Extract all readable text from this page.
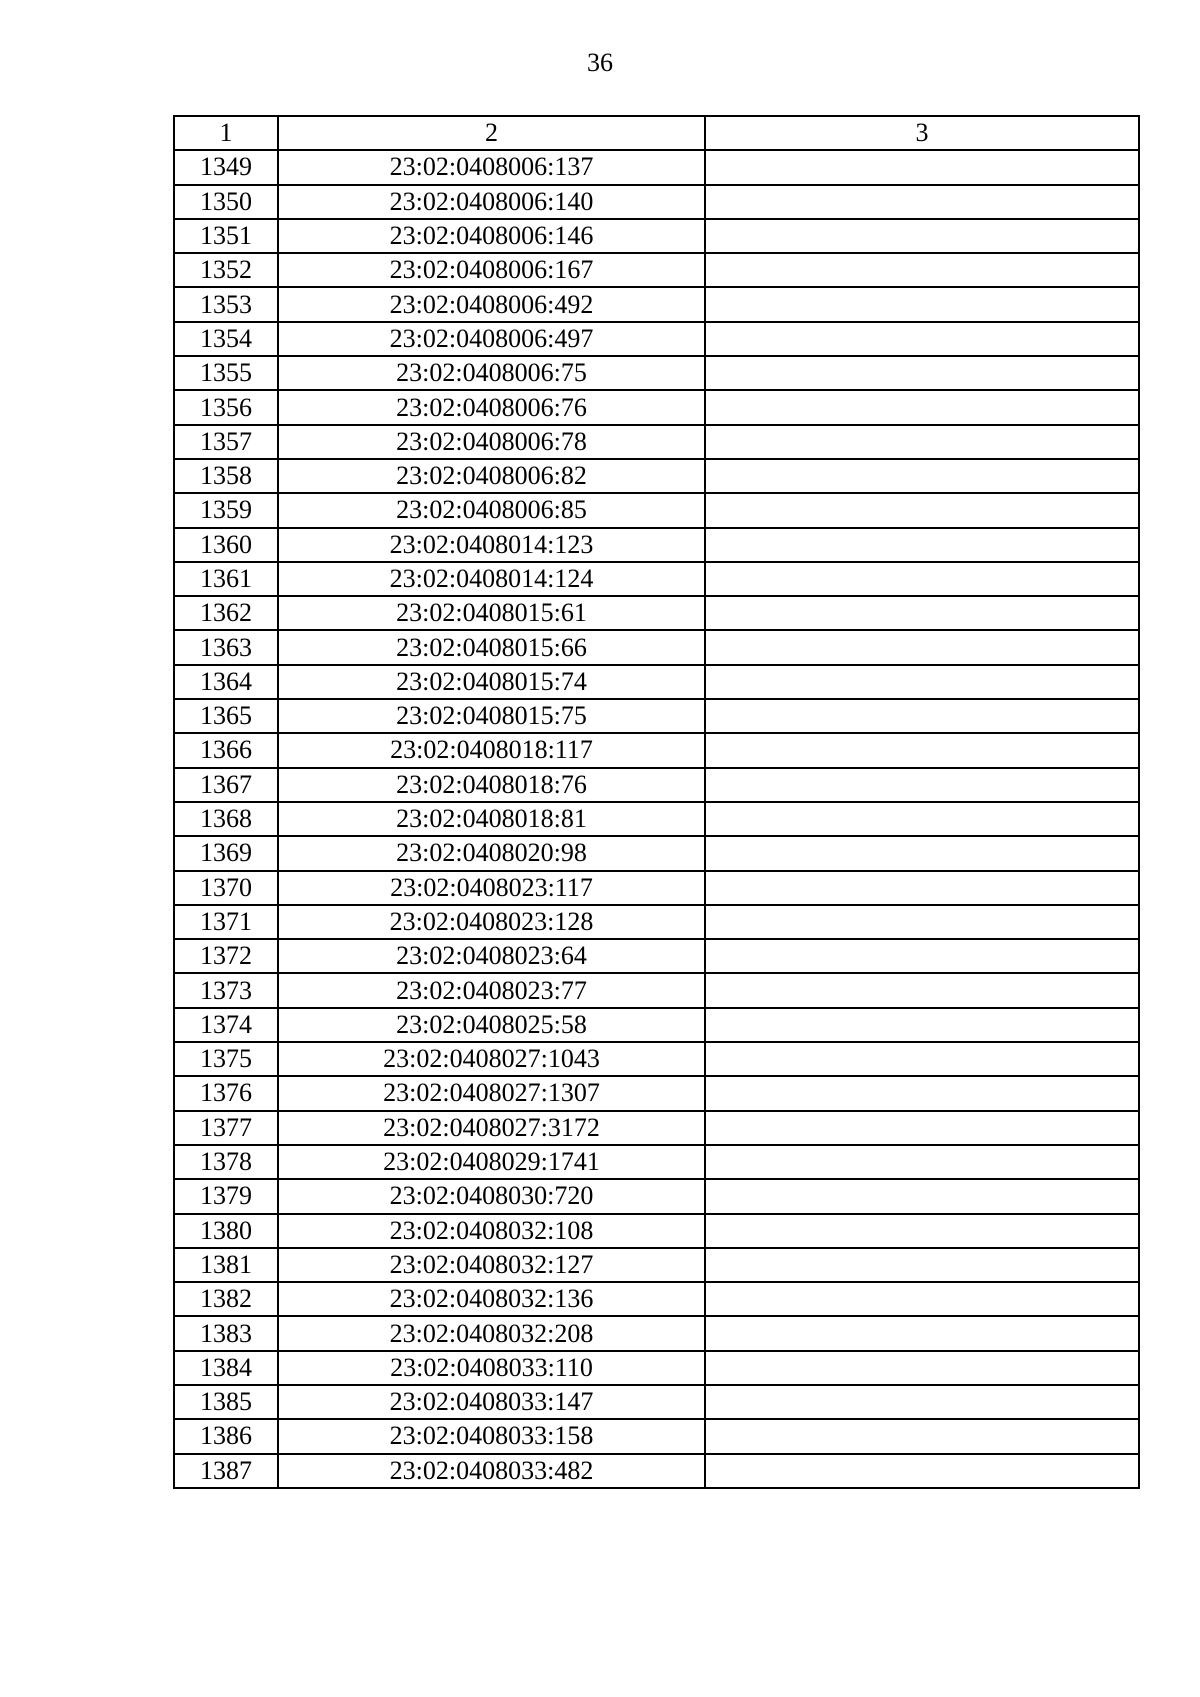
36
1	2	3
1349	23:02:0408006:137	
1350	23:02:0408006:140	
1351	23:02:0408006:146	
1352	23:02:0408006:167	
1353	23:02:0408006:492	
1354	23:02:0408006:497	
1355	23:02:0408006:75	
1356	23:02:0408006:76	
1357	23:02:0408006:78	
1358	23:02:0408006:82	
1359	23:02:0408006:85	
1360	23:02:0408014:123	
1361	23:02:0408014:124	
1362	23:02:0408015:61	
1363	23:02:0408015:66	
1364	23:02:0408015:74	
1365	23:02:0408015:75	
1366	23:02:0408018:117	
1367	23:02:0408018:76	
1368	23:02:0408018:81	
1369	23:02:0408020:98	
1370	23:02:0408023:117	
1371	23:02:0408023:128	
1372	23:02:0408023:64	
1373	23:02:0408023:77	
1374	23:02:0408025:58	
1375	23:02:0408027:1043	
1376	23:02:0408027:1307	
1377	23:02:0408027:3172	
1378	23:02:0408029:1741	
1379	23:02:0408030:720	
1380	23:02:0408032:108	
1381	23:02:0408032:127	
1382	23:02:0408032:136	
1383	23:02:0408032:208	
1384	23:02:0408033:110	
1385	23:02:0408033:147	
1386	23:02:0408033:158	
1387	23:02:0408033:482	
